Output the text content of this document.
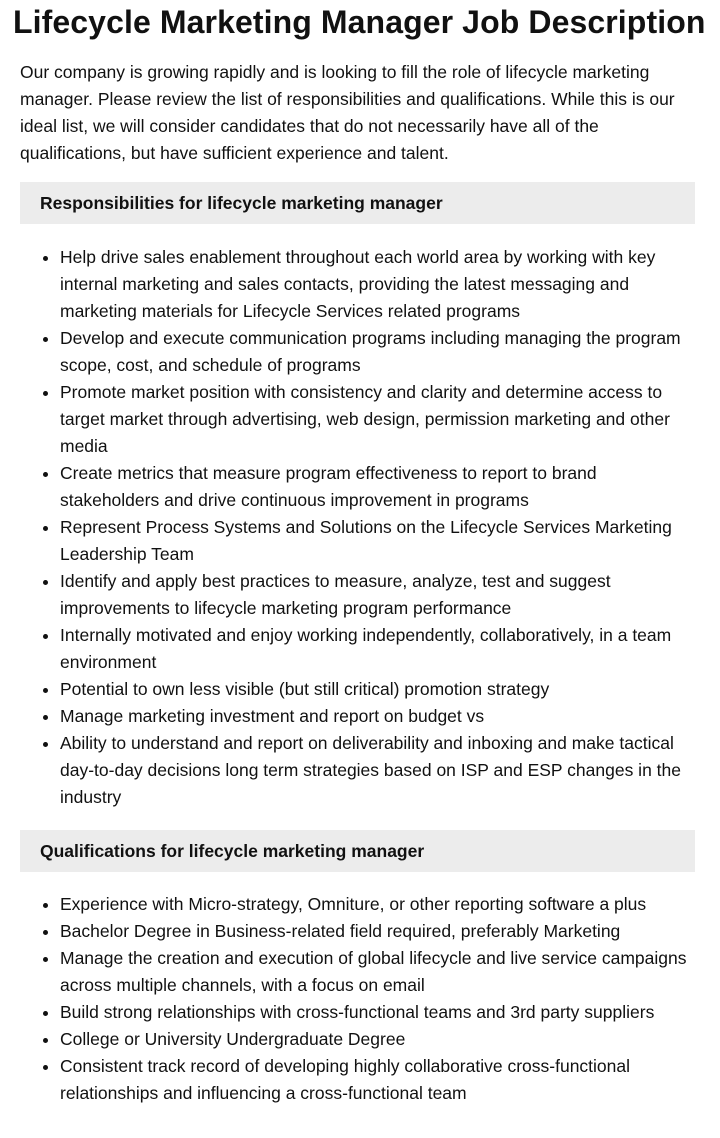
Lifecycle Marketing Manager Job Description

Our company is growing rapidly and is looking to fill the role of lifecycle marketing manager. Please review the list of responsibilities and qualifications. While this is our ideal list, we will consider candidates that do not necessarily have all of the qualifications, but have sufficient experience and talent.

Responsibilities for lifecycle marketing manager
• Help drive sales enablement throughout each world area by working with key internal marketing and sales contacts, providing the latest messaging and marketing materials for Lifecycle Services related programs
• Develop and execute communication programs including managing the program scope, cost, and schedule of programs
• Promote market position with consistency and clarity and determine access to target market through advertising, web design, permission marketing and other media
• Create metrics that measure program effectiveness to report to brand stakeholders and drive continuous improvement in programs
• Represent Process Systems and Solutions on the Lifecycle Services Marketing Leadership Team
• Identify and apply best practices to measure, analyze, test and suggest improvements to lifecycle marketing program performance
• Internally motivated and enjoy working independently, collaboratively, in a team environment
• Potential to own less visible (but still critical) promotion strategy
• Manage marketing investment and report on budget vs
• Ability to understand and report on deliverability and inboxing and make tactical day-to-day decisions long term strategies based on ISP and ESP changes in the industry
Qualifications for lifecycle marketing manager
• Experience with Micro-strategy, Omniture, or other reporting software a plus
• Bachelor Degree in Business-related field required, preferably Marketing
• Manage the creation and execution of global lifecycle and live service campaigns across multiple channels, with a focus on email
• Build strong relationships with cross-functional teams and 3rd party suppliers
• College or University Undergraduate Degree
• Consistent track record of developing highly collaborative cross-functional relationships and influencing a cross-functional team
